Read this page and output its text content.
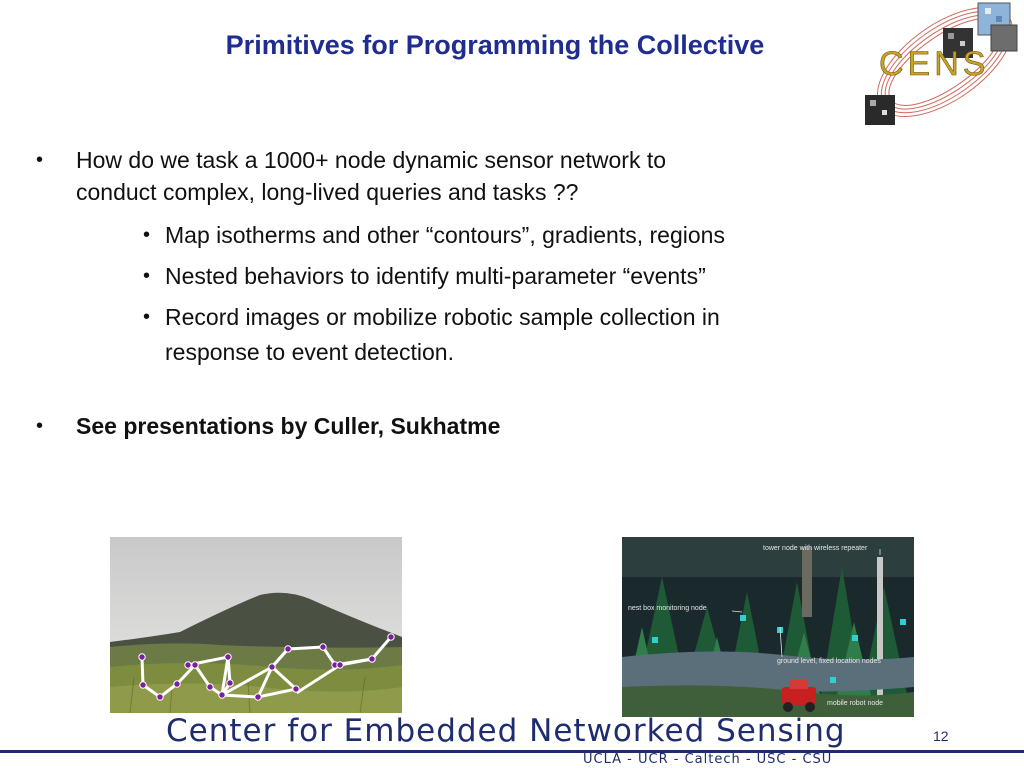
Primitives for Programming the Collective	CENS
• How do we task a 1000+ node dynamic sensor network to
conduct complex, long-lived queries and tasks ??
• Map isotherms and other “contours”, gradients, regions
• Nested behaviors to identify multi-parameter “events”
• Record images or mobilize robotic sample collection in
response to event detection.
• See presentations by Culler, Sukhatme
tower node with wireless repeater
nest box monitoring node
ground level, fixed location nodes
mobile robot node
Center for Embedded Networked Sensing
UCLA - UCR - Caltech - USC - CSU
12
